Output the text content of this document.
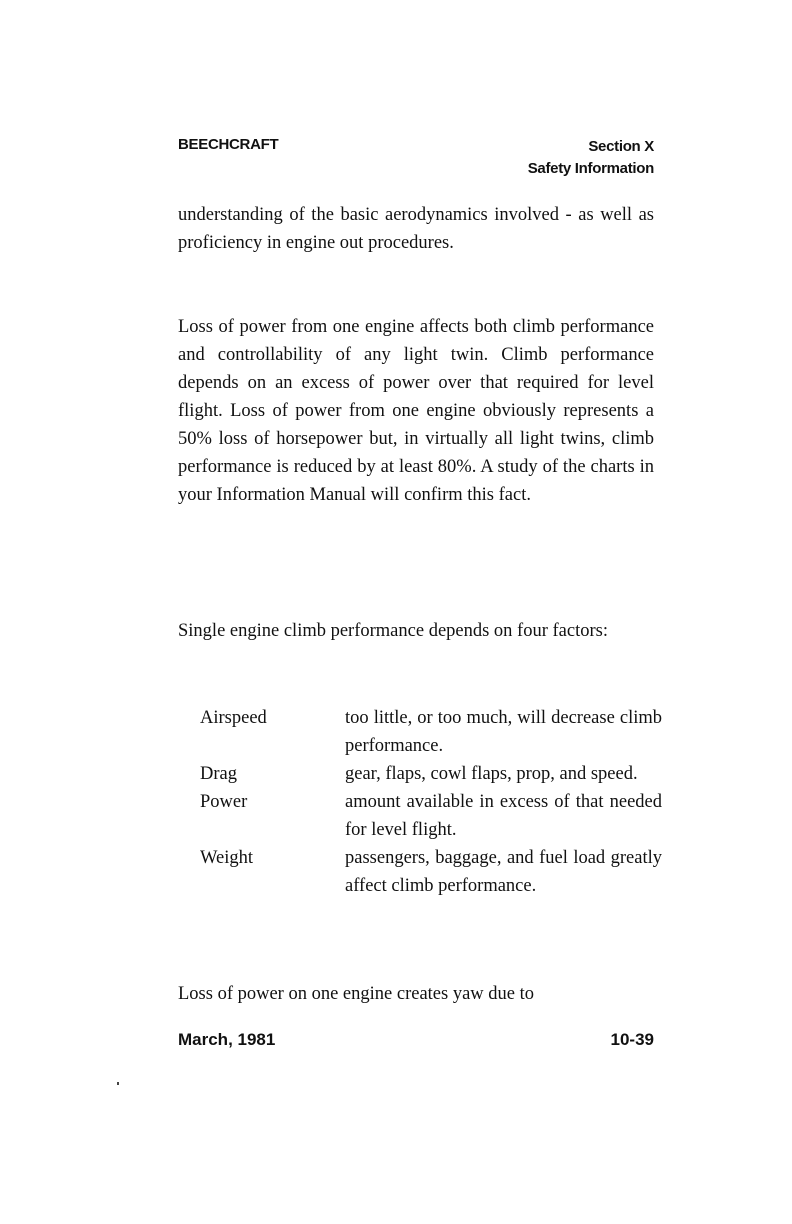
BEECHCRAFT	Section X
Safety Information

understanding of the basic aerodynamics involved - as well as proficiency in engine out procedures.

Loss of power from one engine affects both climb performance and controllability of any light twin. Climb performance depends on an excess of power over that required for level flight. Loss of power from one engine obviously represents a 50% loss of horsepower but, in virtually all light twins, climb performance is reduced by at least 80%. A study of the charts in your Information Manual will confirm this fact.

Single engine climb performance depends on four factors:

Airspeed	too little, or too much, will decrease climb performance.
Drag	gear, flaps, cowl flaps, prop, and speed.
Power	amount available in excess of that needed for level flight.
Weight	passengers, baggage, and fuel load greatly affect climb performance.

Loss of power on one engine creates yaw due to

March, 1981	10-39
